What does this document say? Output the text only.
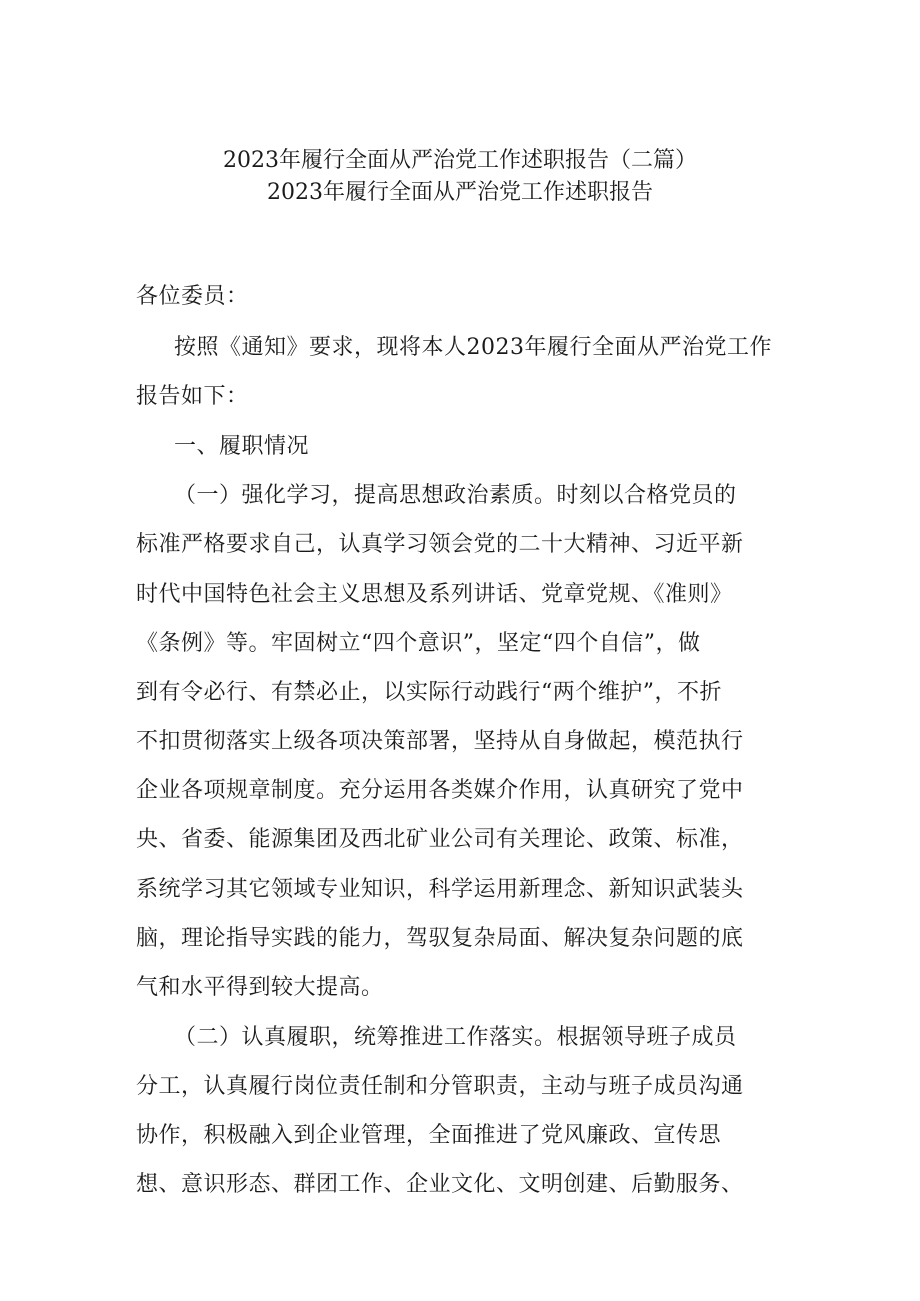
2023年履行全面从严治党工作述职报告（二篇）
2023年履行全面从严治党工作述职报告
各位委员：
按照《通知》要求，现将本人2023年履行全面从严治党工作
报告如下：
一、履职情况
（一）强化学习，提高思想政治素质。时刻以合格党员的
标准严格要求自己，认真学习领会党的二十大精神、习近平新
时代中国特色社会主义思想及系列讲话、党章党规、《准则》
《条例》等。牢固树立“四个意识”，坚定“四个自信”，做
到有令必行、有禁必止，以实际行动践行“两个维护”，不折
不扣贯彻落实上级各项决策部署，坚持从自身做起，模范执行
企业各项规章制度。充分运用各类媒介作用，认真研究了党中
央、省委、能源集团及西北矿业公司有关理论、政策、标准，
系统学习其它领域专业知识，科学运用新理念、新知识武装头
脑，理论指导实践的能力，驾驭复杂局面、解决复杂问题的底
气和水平得到较大提高。
（二）认真履职，统筹推进工作落实。根据领导班子成员
分工，认真履行岗位责任制和分管职责，主动与班子成员沟通
协作，积极融入到企业管理，全面推进了党风廉政、宣传思
想、意识形态、群团工作、企业文化、文明创建、后勤服务、
